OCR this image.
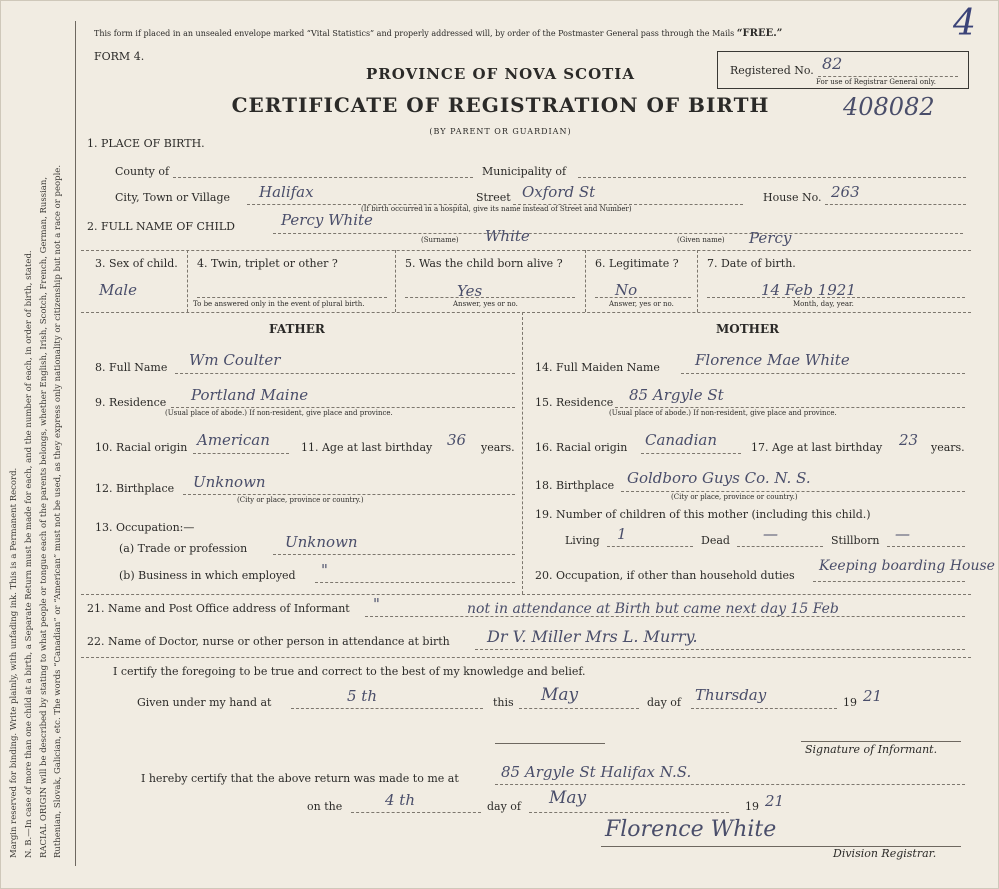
Margin reserved for binding. Write plainly, with unfading ink. This is a Permanent Record. N. B.—In case of more than one child at a birth, a Separate Return must be made for each, and the number of each, in order of birth, stated. RACIAL ORIGIN will be described by stating to what people or tongue each of the parents belongs, whether English, Irish, Scotch, French, German, Russian, Ruthenian, Slovak, Galician, etc. The words “Canadian” or “American” must not be used, as they express only nationality or citizenship but not a race or people.
This form if placed in an unsealed envelope marked “Vital Statistics” and properly addressed will, by order of the Postmaster General pass through the Mails “FREE.”	4
FORM 4.
PROVINCE OF NOVA SCOTIA
CERTIFICATE OF REGISTRATION OF BIRTH
(BY PARENT OR GUARDIAN)
Registered No. 82
For use of Registrar General only.
408082
1. PLACE OF BIRTH.
County of	Municipality of
City, Town or Village Halifax	Street Oxford St
(If birth occurred in a hospital, give its name instead of Street and Number)
House No. 263
2. FULL NAME OF CHILD	Percy White
(Surname) White	(Given name) Percy
3. Sex of child.
Male
4. Twin, triplet or other ?
To be answered only in the event of plural birth.
5. Was the child born alive ?
Yes
Answer, yes or no.
6. Legitimate ?
No
Answer, yes or no.
7. Date of birth.
14 Feb 1921
Month, day, year.
FATHER	MOTHER
8. Full Name Wm Coulter
9. Residence Portland Maine
(Usual place of abode.) If non-resident, give place and province.
10. Racial origin American	11. Age at last birthday 36 years.
12. Birthplace Unknown
(City or place, province or country.)
13. Occupation:—
(a) Trade or profession	Unknown
(b) Business in which employed "
14. Full Maiden Name Florence Mae White
15. Residence 85 Argyle St
(Usual place of abode.) If non-resident, give place and province.
16. Racial origin Canadian	17. Age at last birthday 23 years.
18. Birthplace Goldboro Guys Co. N. S.
(City or place, province or country.)
19. Number of children of this mother (including this child.)
Living 1	Dead —	Stillborn —
20. Occupation, if other than household duties
Keeping boarding House
21. Name and Post Office address of Informant "	not in attendance at Birth but came next day 15 Feb
22. Name of Doctor, nurse or other person in attendance at birth Dr V. Miller Mrs L. Murry.
I certify the foregoing to be true and correct to the best of my knowledge and belief.
Given under my hand at	5 th	this May	day of Thursday	19 21
Signature of Informant.
I hereby certify that the above return was made to me at	85 Argyle St Halifax N.S.
on the	4 th	day of May	19 21
Florence White
Division Registrar.
